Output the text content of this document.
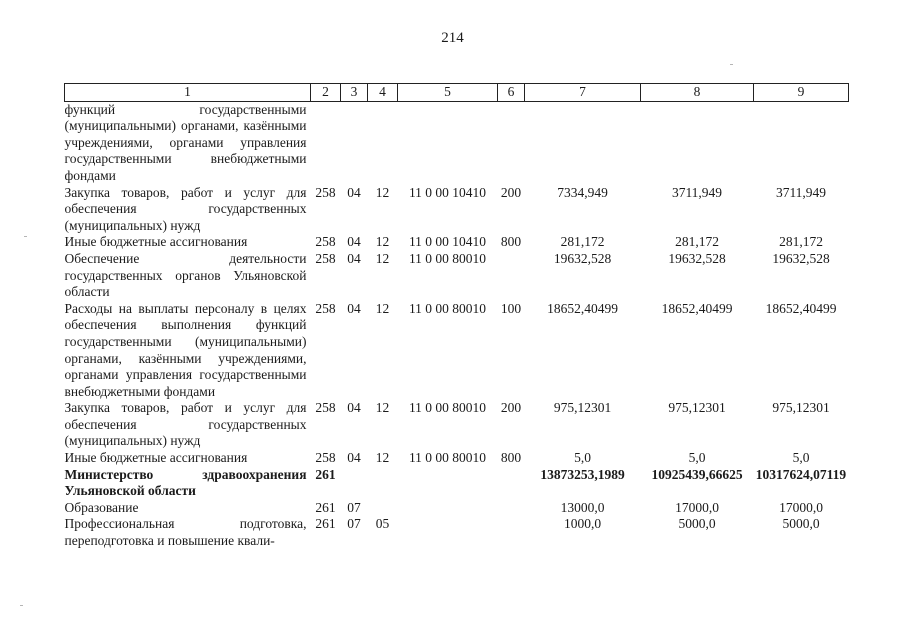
214
1	2	3	4	5	6	7	8	9
функций государственными (муниципальными) органами, казёнными учреждениями, органами управления государственными внебюджетными фондами								
Закупка товаров, работ и услуг для обеспечения государственных (муниципальных) нужд	258	04	12	11 0 00 10410	200	7334,949	3711,949	3711,949
Иные бюджетные ассигнования	258	04	12	11 0 00 10410	800	281,172	281,172	281,172
Обеспечение деятельности государственных органов Ульяновской области	258	04	12	11 0 00 80010		19632,528	19632,528	19632,528
Расходы на выплаты персоналу в целях обеспечения выполнения функций государственными (муниципальными) органами, казёнными учреждениями, органами управления государственными внебюджетными фондами	258	04	12	11 0 00 80010	100	18652,40499	18652,40499	18652,40499
Закупка товаров, работ и услуг для обеспечения государственных (муниципальных) нужд	258	04	12	11 0 00 80010	200	975,12301	975,12301	975,12301
Иные бюджетные ассигнования	258	04	12	11 0 00 80010	800	5,0	5,0	5,0
Министерство здравоохранения Ульяновской области	261					13873253,1989	10925439,66625	10317624,07119
Образование	261	07				13000,0	17000,0	17000,0
Профессиональная подготовка, переподготовка и повышение квали-	261	07	05			1000,0	5000,0	5000,0
